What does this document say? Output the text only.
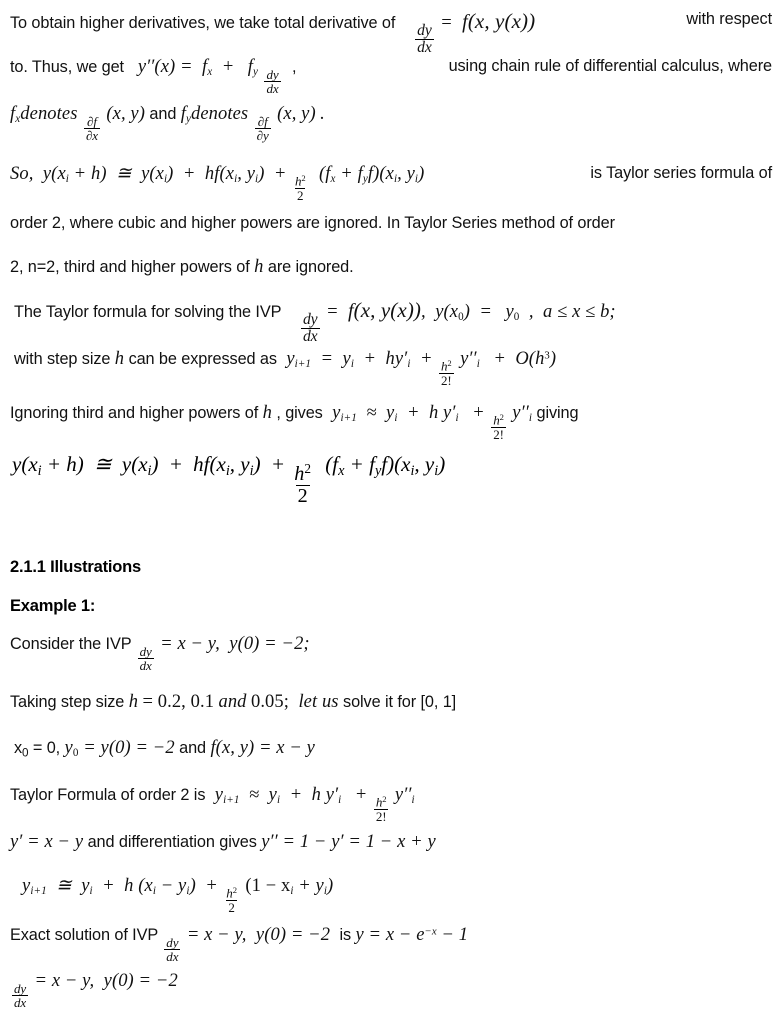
To obtain higher derivatives, we take total derivative of $\frac{dy}{dx} = f(x$, y(x))	with respect
to. Thus, we get $y''(x) = f_x + f_y \frac{dy}{dx}$
,	using chain rule of differential calculus, where
$f_xdenotes$
$\frac{\partial f}{\partial x}$
(x, y) and $f_ydenotes$
$\frac{\partial f}{\partial y}$
(x, y) .
So, $y(x_i + h)$ ≅ $y(x_i) + hf(x_i$, $y_i$) +
$\frac{h^2}{2}$
$(f_x + f_yf)(x_i$, $y_i$)	is Taylor series formula of
order 2, where cubic and higher powers are ignored. In Taylor Series method of order
2, n=2, third and higher powers of h are ignored.
The Taylor formula for solving the IVP $\frac{dy}{dx} = f(x$, y(x)), y(x0) = y0 , a ≤ x ≤ b;
with step size h can be expressed as $y_{i+1} = y_i + hy'_i$ +
$\frac{h^2}{2!}$
$y''_i + O(h^3)$
Ignoring third and higher powers of h , gives $y_{i+1} \approx y_i + h$ $y'_i$ +
$\frac{h^2}{2!}$
$y''_i$ giving
$y(x_i + h)$ ≅ $y(x_i) + hf(x_i$, $y_i) + \frac{h^2}{2} (f_x + f_yf)(x_i$, $y_i$)
2.1.1 Illustrations
Example 1:
Consider the IVP
$\frac{dy}{dx}$
= x − y, y(0) = −2;
Taking step size h = 0.2, 0.1 and 0.05; let us solve it for [0, 1]
$x_0 = 0$, y0 = y(0) = −2 and f(x, y) = x − y
Taylor Formula of order 2 is $y_{i+1} \approx y_i + h$ $y'_i$ +
$\frac{h^2}{2!}$
$y''_i$
y′ = x − y and differentiation gives y′′ = 1 − y′ = 1 − x + y
$y_{i+1}$ ≅ $y_i + h$ $(x_i - y_i)$ +
$\frac{h^2}{2}$
$(1 - x_i + y_i)$
Exact solution of IVP
$\frac{dy}{dx}$
= x − y, y(0) = −2 is $y = x - e^{-x} - 1$
$\frac{dy}{dx}$
= x − y, y(0) = −2
